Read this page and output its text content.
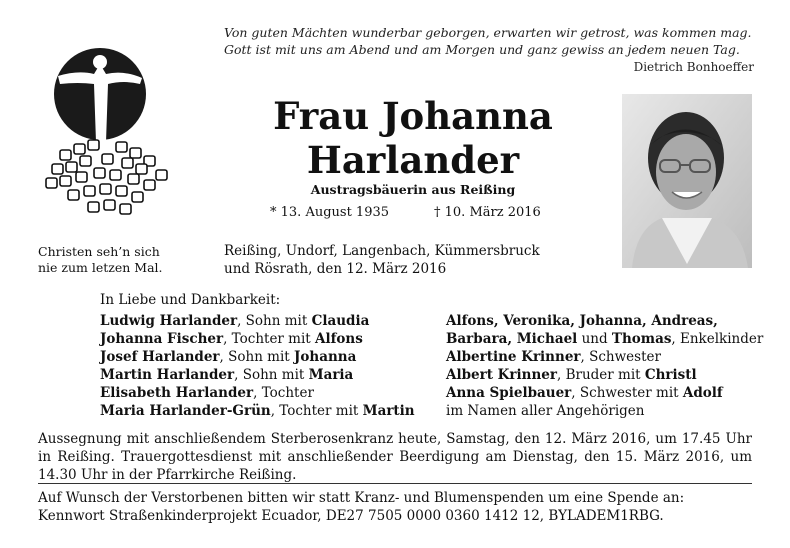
Von guten Mächten wunderbar geborgen, erwarten wir getrost, was kommen mag.
Gott ist mit uns am Abend und am Morgen und ganz gewiss an jedem neuen Tag.
Dietrich Bonhoeffer
Frau Johanna
Harlander
Austragsbäuerin aus Reißing
* 13. August 1935	† 10. März 2016
Christen seh’n sich
nie zum letzen Mal.
Reißing, Undorf, Langenbach, Kümmersbruck
und Rösrath, den 12. März 2016
In Liebe und Dankbarkeit:
Ludwig Harlander, Sohn mit Claudia
Johanna Fischer, Tochter mit Alfons
Josef Harlander, Sohn mit Johanna
Martin Harlander, Sohn mit Maria
Elisabeth Harlander, Tochter
Maria Harlander-Grün, Tochter mit Martin
Alfons, Veronika, Johanna, Andreas,
Barbara, Michael und Thomas, Enkelkinder
Albertine Krinner, Schwester
Albert Krinner, Bruder mit Christl
Anna Spielbauer, Schwester mit Adolf
im Namen aller Angehörigen
Aussegnung mit anschließendem Sterberosenkranz heute, Samstag, den 12. März 2016, um 17.45 Uhr in Reißing. Trauergottesdienst mit anschließender Beerdigung am Dienstag, den 15. März 2016, um 14.30 Uhr in der Pfarrkirche Reißing.
Auf Wunsch der Verstorbenen bitten wir statt Kranz- und Blumenspenden um eine Spende an:
Kennwort Straßenkinderprojekt Ecuador, DE27 7505 0000 0360 1412 12, BYLADEM1RBG.
